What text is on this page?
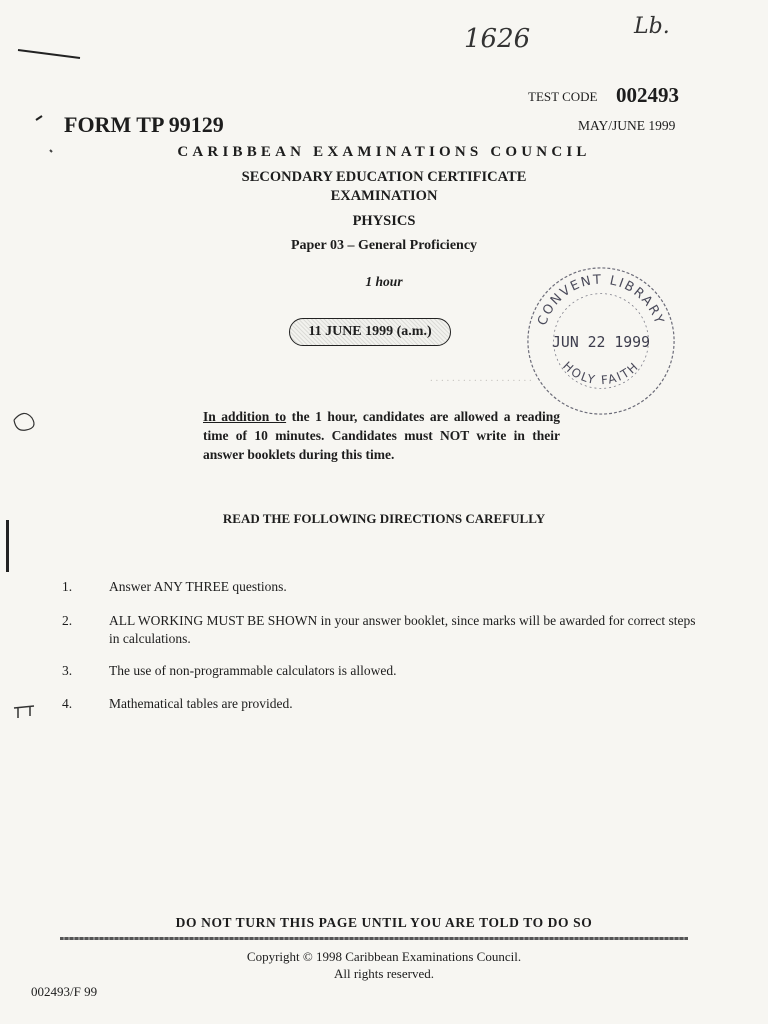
1626	Lb.
FORM TP 99129
TEST CODE 002493
MAY/JUNE 1999
CARIBBEAN EXAMINATIONS COUNCIL
SECONDARY EDUCATION CERTIFICATE
EXAMINATION
PHYSICS
Paper 03 – General Proficiency
1 hour
11 JUNE 1999 (a.m.)
CONVENT LIBRARY
HOLY FAITH
JUN 22 1999
. . . . . . . . . . . . . . . . . . .
In addition to the 1 hour, candidates are allowed a reading time of 10 minutes. Candidates must NOT write in their answer booklets during this time.
READ THE FOLLOWING DIRECTIONS CAREFULLY
1.	Answer ANY THREE questions.
2.	ALL WORKING MUST BE SHOWN in your answer booklet, since marks will be awarded for correct steps in calculations.
3.	The use of non-programmable calculators is allowed.
4.	Mathematical tables are provided.
DO NOT TURN THIS PAGE UNTIL YOU ARE TOLD TO DO SO
Copyright © 1998 Caribbean Examinations Council.
All rights reserved.
002493/F 99
